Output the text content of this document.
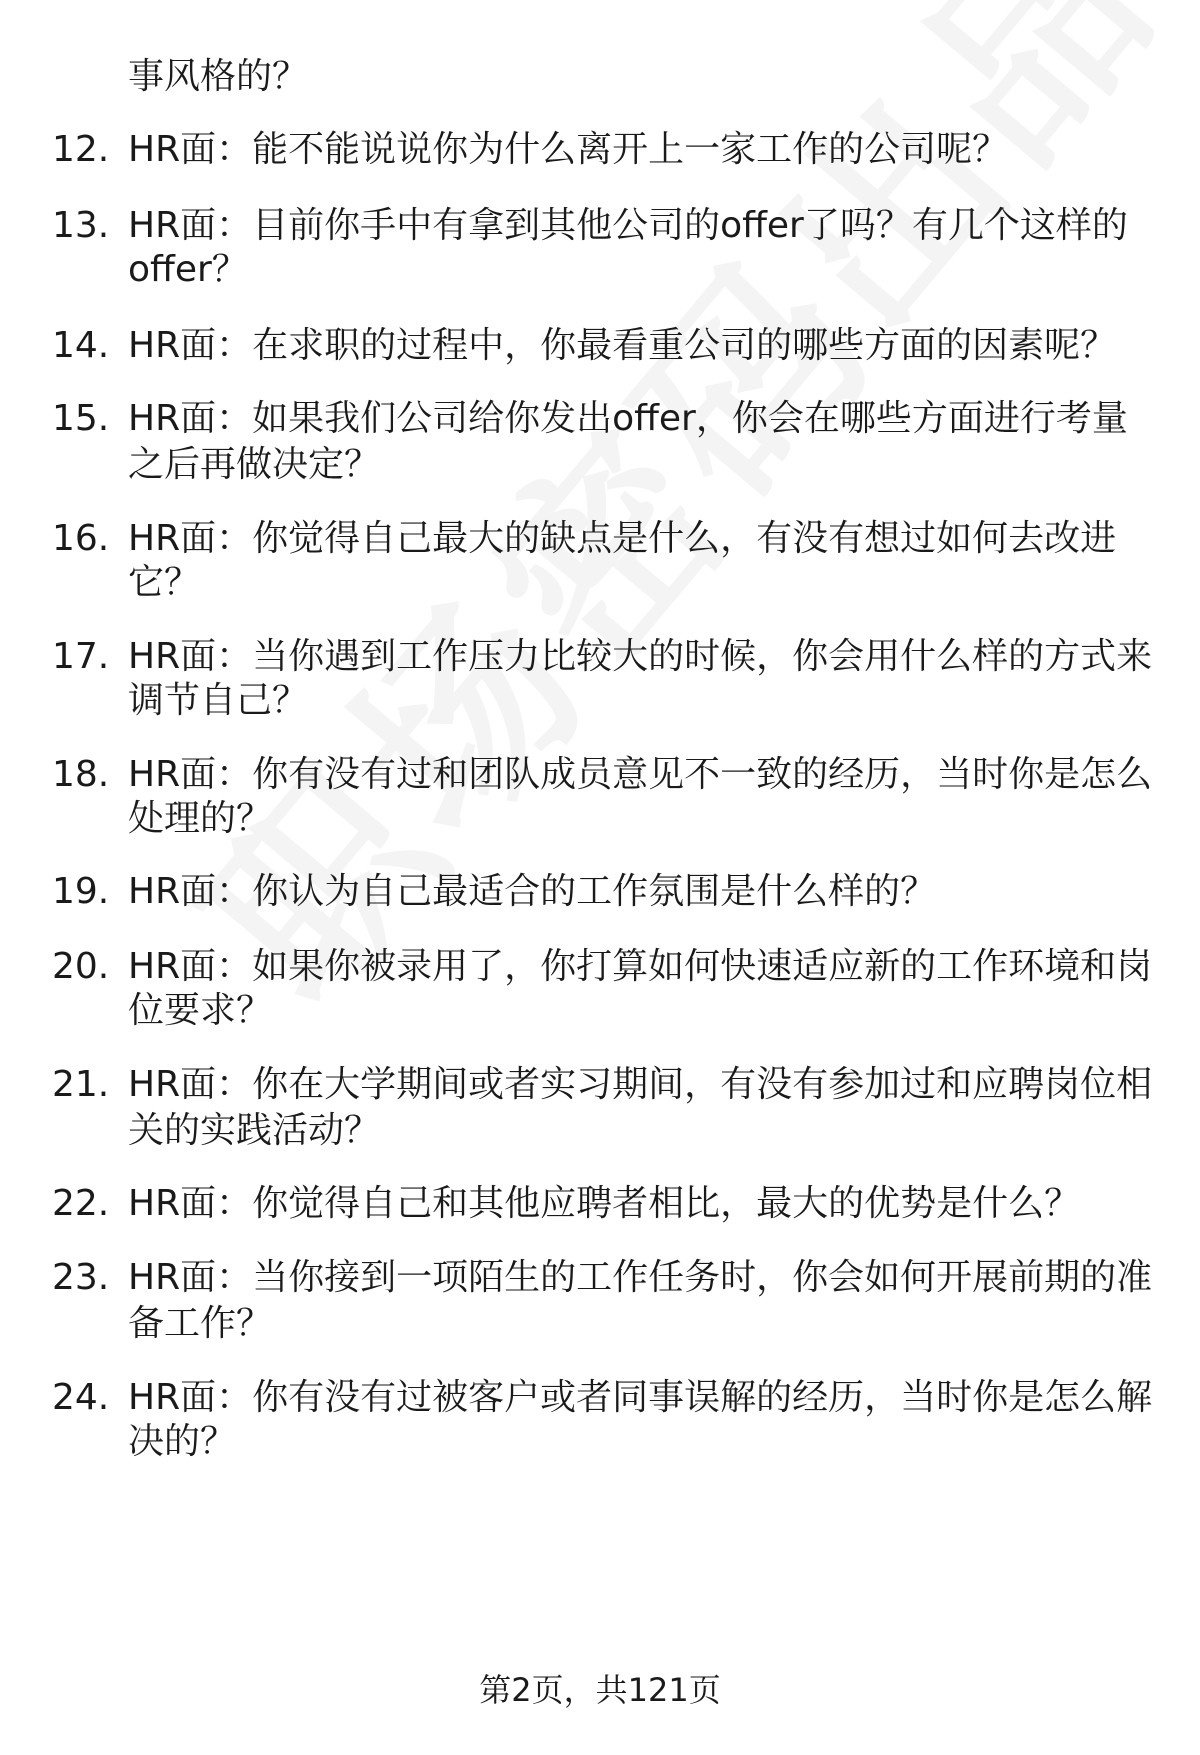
事风格的？
12. HR面：能不能说说你为什么离开上一家工作的公司呢？
13. HR面：目前你手中有拿到其他公司的offer了吗？有几个这样的
offer？
14. HR面：在求职的过程中，你最看重公司的哪些方面的因素呢？
15. HR面：如果我们公司给你发出offer，你会在哪些方面进行考量
之后再做决定？
16. HR面：你觉得自己最大的缺点是什么，有没有想过如何去改进
它？
17. HR面：当你遇到工作压力比较大的时候，你会用什么样的方式来
调节自己？
18. HR面：你有没有过和团队成员意见不一致的经历，当时你是怎么
处理的？
19. HR面：你认为自己最适合的工作氛围是什么样的？
20. HR面：如果你被录用了，你打算如何快速适应新的工作环境和岗
位要求？
21. HR面：你在大学期间或者实习期间，有没有参加过和应聘岗位相
关的实践活动？
22. HR面：你觉得自己和其他应聘者相比，最大的优势是什么？
23. HR面：当你接到一项陌生的工作任务时，你会如何开展前期的准
备工作？
24. HR面：你有没有过被客户或者同事误解的经历，当时你是怎么解
决的？
第2页，共121页
